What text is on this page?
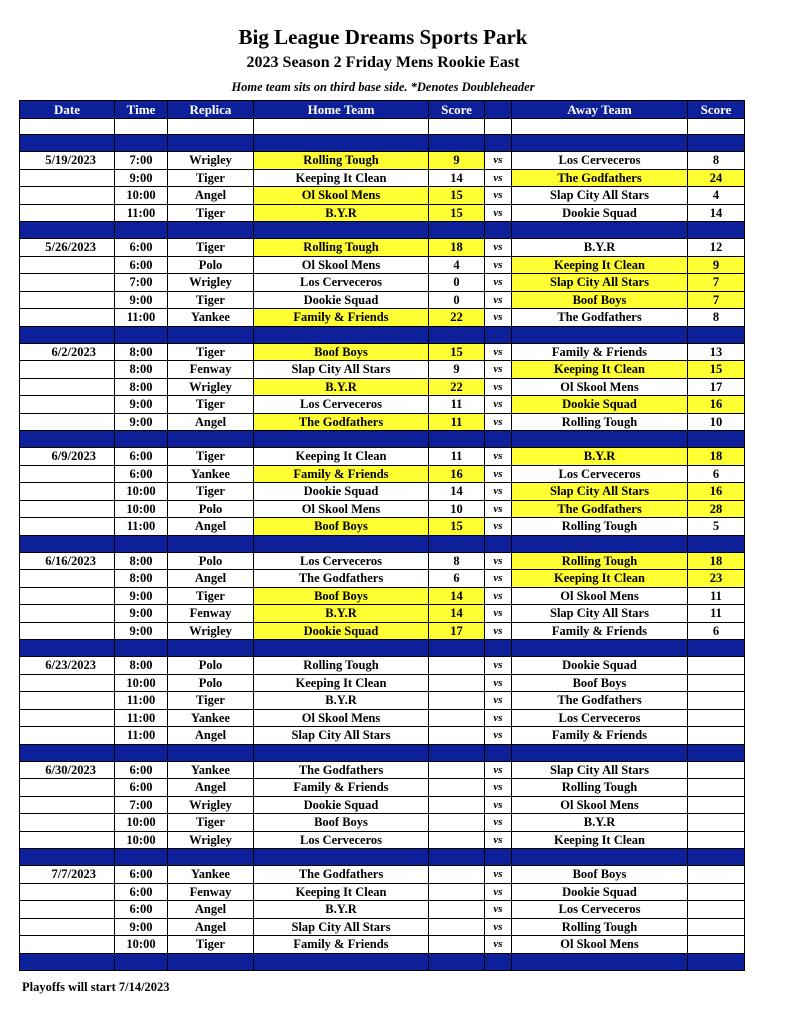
Big League Dreams Sports Park
2023 Season 2 Friday Mens Rookie East
Home team sits on third base side. *Denotes Doubleheader
Date	Time	Replica	Home Team	Score		Away Team	Score

5/19/2023	7:00	Wrigley	Rolling Tough	9	vs	Los Cerveceros	8
	9:00	Tiger	Keeping It Clean	14	vs	The Godfathers	24
	10:00	Angel	Ol Skool Mens	15	vs	Slap City All Stars	4
	11:00	Tiger	B.Y.R	15	vs	Dookie Squad	14

5/26/2023	6:00	Tiger	Rolling Tough	18	vs	B.Y.R	12
	6:00	Polo	Ol Skool Mens	4	vs	Keeping It Clean	9
	7:00	Wrigley	Los Cerveceros	0	vs	Slap City All Stars	7
	9:00	Tiger	Dookie Squad	0	vs	Boof Boys	7
	11:00	Yankee	Family & Friends	22	vs	The Godfathers	8

6/2/2023	8:00	Tiger	Boof Boys	15	vs	Family & Friends	13
	8:00	Fenway	Slap City All Stars	9	vs	Keeping It Clean	15
	8:00	Wrigley	B.Y.R	22	vs	Ol Skool Mens	17
	9:00	Tiger	Los Cerveceros	11	vs	Dookie Squad	16
	9:00	Angel	The Godfathers	11	vs	Rolling Tough	10

6/9/2023	6:00	Tiger	Keeping It Clean	11	vs	B.Y.R	18
	6:00	Yankee	Family & Friends	16	vs	Los Cerveceros	6
	10:00	Tiger	Dookie Squad	14	vs	Slap City All Stars	16
	10:00	Polo	Ol Skool Mens	10	vs	The Godfathers	28
	11:00	Angel	Boof Boys	15	vs	Rolling Tough	5

6/16/2023	8:00	Polo	Los Cerveceros	8	vs	Rolling Tough	18
	8:00	Angel	The Godfathers	6	vs	Keeping It Clean	23
	9:00	Tiger	Boof Boys	14	vs	Ol Skool Mens	11
	9:00	Fenway	B.Y.R	14	vs	Slap City All Stars	11
	9:00	Wrigley	Dookie Squad	17	vs	Family & Friends	6

6/23/2023	8:00	Polo	Rolling Tough		vs	Dookie Squad	
	10:00	Polo	Keeping It Clean		vs	Boof Boys	
	11:00	Tiger	B.Y.R		vs	The Godfathers	
	11:00	Yankee	Ol Skool Mens		vs	Los Cerveceros	
	11:00	Angel	Slap City All Stars		vs	Family & Friends	

6/30/2023	6:00	Yankee	The Godfathers		vs	Slap City All Stars	
	6:00	Angel	Family & Friends		vs	Rolling Tough	
	7:00	Wrigley	Dookie Squad		vs	Ol Skool Mens	
	10:00	Tiger	Boof Boys		vs	B.Y.R	
	10:00	Wrigley	Los Cerveceros		vs	Keeping It Clean	

7/7/2023	6:00	Yankee	The Godfathers		vs	Boof Boys	
	6:00	Fenway	Keeping It Clean		vs	Dookie Squad	
	6:00	Angel	B.Y.R		vs	Los Cerveceros	
	9:00	Angel	Slap City All Stars		vs	Rolling Tough	
	10:00	Tiger	Family & Friends		vs	Ol Skool Mens	

Playoffs will start 7/14/2023
